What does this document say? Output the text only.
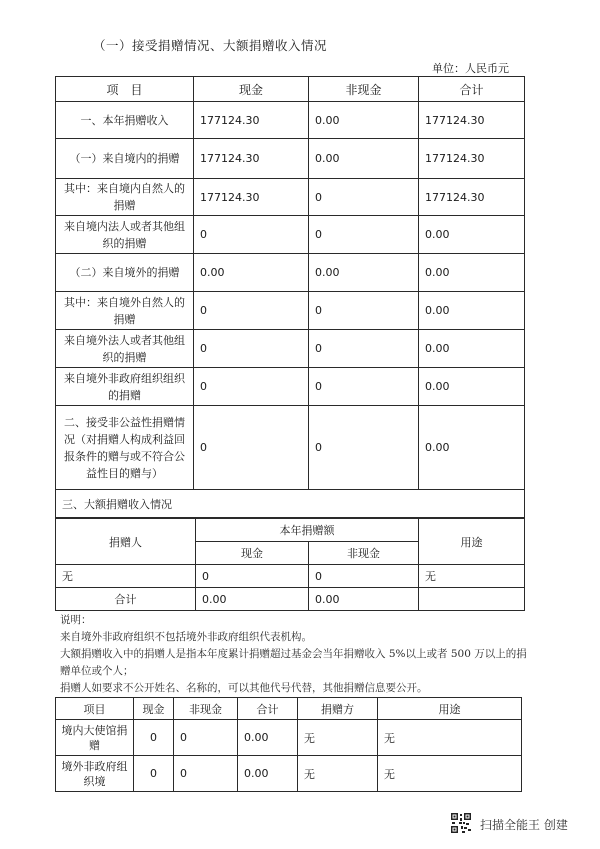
（一）接受捐赠情况、大额捐赠收入情况
单位：人民币元
项　目	现金	非现金	合计
一、本年捐赠收入	177124.30	0.00	177124.30
（一）来自境内的捐赠	177124.30	0.00	177124.30
其中：来自境内自然人的捐赠	177124.30	0	177124.30
来自境内法人或者其他组织的捐赠	0	0	0.00
（二）来自境外的捐赠	0.00	0.00	0.00
其中：来自境外自然人的捐赠	0	0	0.00
来自境外法人或者其他组织的捐赠	0	0	0.00
来自境外非政府组织组织的捐赠	0	0	0.00
二、接受非公益性捐赠情况（对捐赠人构成利益回报条件的赠与或不符合公益性目的赠与）	0	0	0.00
三、大额捐赠收入情况			
捐赠人	本年捐赠额		用途
	现金	非现金	
无	0	0	无
合计	0.00	0.00	

说明：

来自境外非政府组织不包括境外非政府组织代表机构。

大额捐赠收入中的捐赠人是指本年度累计捐赠超过基金会当年捐赠收入 5%以上或者 500 万以上的捐赠单位或个人；

捐赠人如要求不公开姓名、名称的，可以其他代号代替，其他捐赠信息要公开。

项目	现金	非现金	合计	捐赠方	用途
境内大使馆捐赠	0	0	0.00	无	无
境外非政府组织境	0	0	0.00	无	无
扫描全能王 创建
